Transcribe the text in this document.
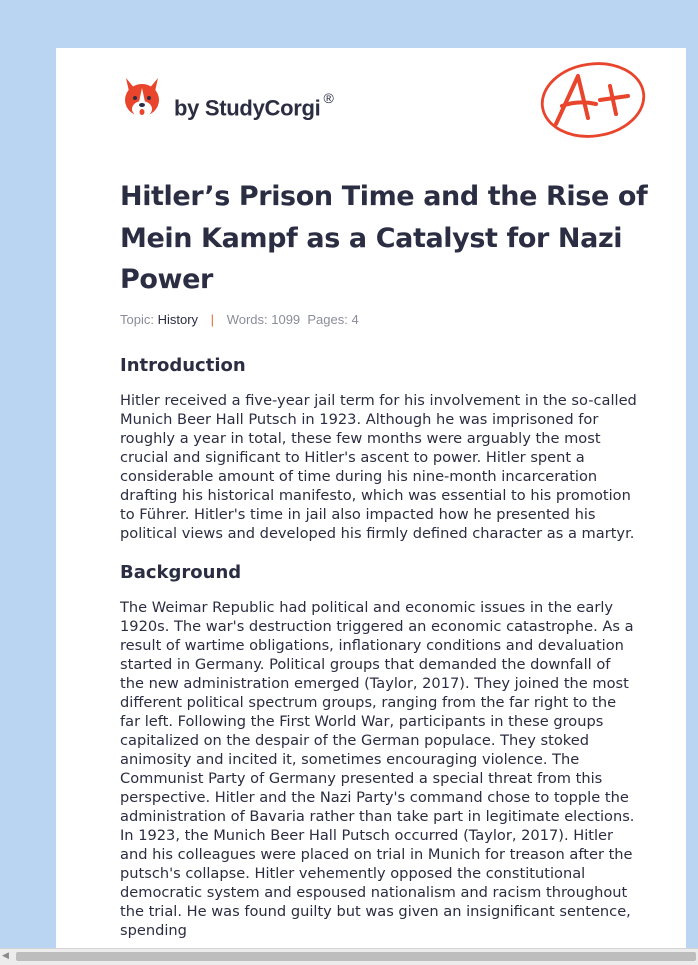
by StudyCorgi ®
Hitler’s Prison Time and the Rise of Mein Kampf as a Catalyst for Nazi Power
Topic: History | Words: 1099 Pages: 4
Introduction

Hitler received a five-year jail term for his involvement in the so-called Munich Beer Hall Putsch in 1923. Although he was imprisoned for roughly a year in total, these few months were arguably the most crucial and significant to Hitler's ascent to power. Hitler spent a considerable amount of time during his nine-month incarceration drafting his historical manifesto, which was essential to his promotion to Führer. Hitler's time in jail also impacted how he presented his political views and developed his firmly defined character as a martyr.

Background

The Weimar Republic had political and economic issues in the early 1920s. The war's destruction triggered an economic catastrophe. As a result of wartime obligations, inflationary conditions and devaluation started in Germany. Political groups that demanded the downfall of the new administration emerged (Taylor, 2017). They joined the most different political spectrum groups, ranging from the far right to the far left. Following the First World War, participants in these groups capitalized on the despair of the German populace. They stoked animosity and incited it, sometimes encouraging violence. The Communist Party of Germany presented a special threat from this perspective. Hitler and the Nazi Party's command chose to topple the administration of Bavaria rather than take part in legitimate elections. In 1923, the Munich Beer Hall Putsch occurred (Taylor, 2017). Hitler and his colleagues were placed on trial in Munich for treason after the putsch's collapse. Hitler vehemently opposed the constitutional democratic system and espoused nationalism and racism throughout the trial. He was found guilty but was given an insignificant sentence, spending

◀
